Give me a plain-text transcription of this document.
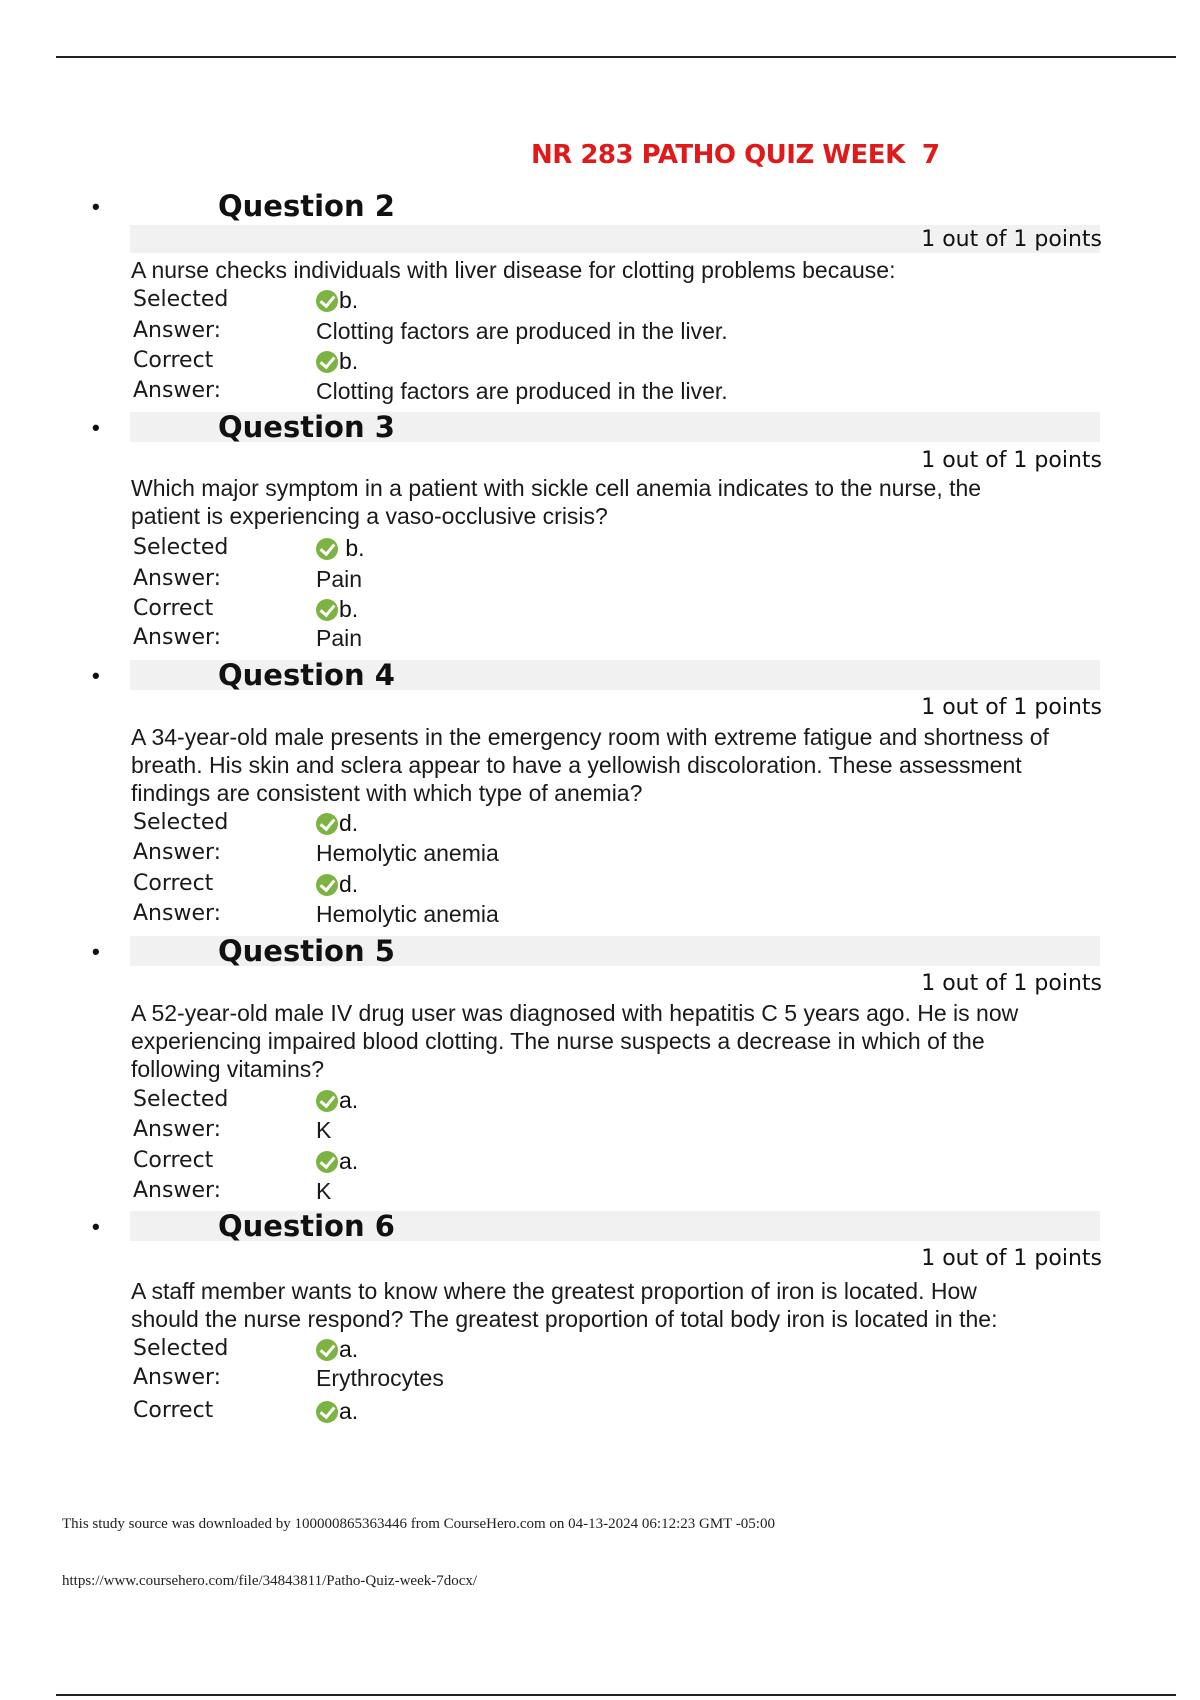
NR 283 PATHO QUIZ WEEK  7
•	Question 2
1 out of 1 points
A nurse checks individuals with liver disease for clotting problems because:
Selected	b.
Answer:	Clotting factors are produced in the liver.
Correct	b.
Answer:	Clotting factors are produced in the liver.
•	Question 3
1 out of 1 points
Which major symptom in a patient with sickle cell anemia indicates to the nurse, the patient is experiencing a vaso-occlusive crisis?
Selected	b.
Answer:	Pain
Correct	b.
Answer:	Pain
•	Question 4
1 out of 1 points
A 34-year-old male presents in the emergency room with extreme fatigue and shortness of breath. His skin and sclera appear to have a yellowish discoloration. These assessment findings are consistent with which type of anemia?
Selected	d.
Answer:	Hemolytic anemia
Correct	d.
Answer:	Hemolytic anemia
•	Question 5
1 out of 1 points
A 52-year-old male IV drug user was diagnosed with hepatitis C 5 years ago. He is now experiencing impaired blood clotting. The nurse suspects a decrease in which of the following vitamins?
Selected	a.
Answer:	K
Correct	a.
Answer:	K
•	Question 6
1 out of 1 points
A staff member wants to know where the greatest proportion of iron is located. How should the nurse respond? The greatest proportion of total body iron is located in the:
Selected	a.
Answer:	Erythrocytes
Correct	a.
This study source was downloaded by 100000865363446 from CourseHero.com on 04-13-2024 06:12:23 GMT -05:00
https://www.coursehero.com/file/34843811/Patho-Quiz-week-7docx/
